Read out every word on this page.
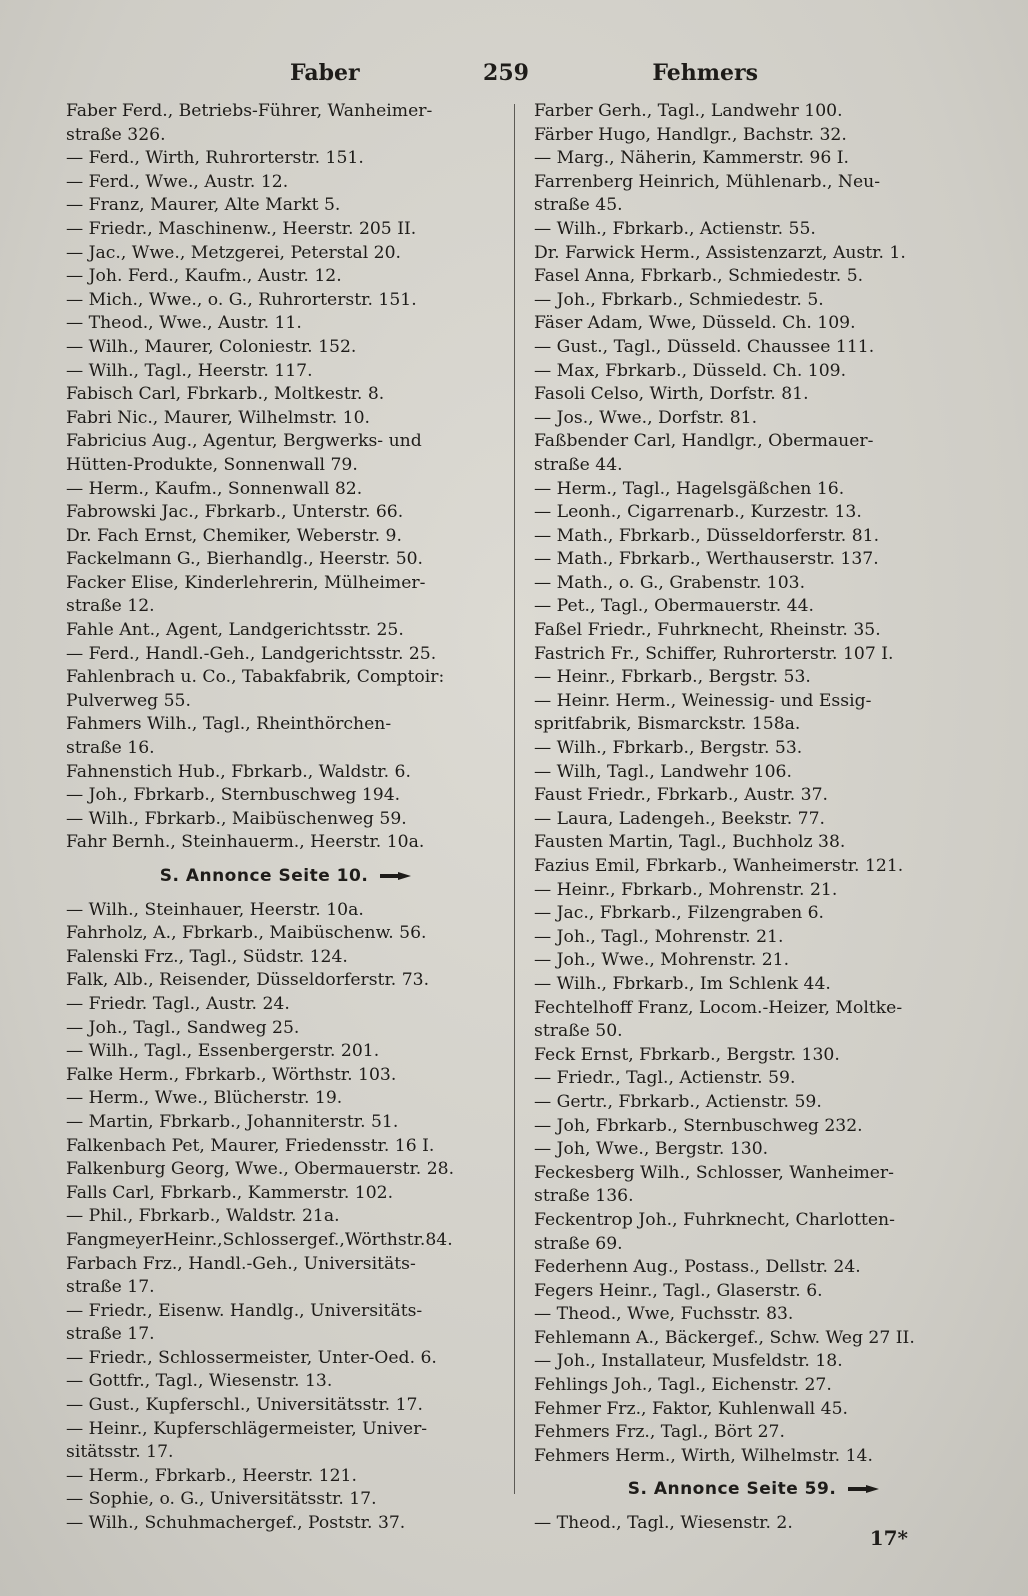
Faber	259	Fehmers
Faber Ferd., Betriebs-Führer, Wanheimer-
straße 326.
— Ferd., Wirth, Ruhrorterstr. 151.
— Ferd., Wwe., Austr. 12.
— Franz, Maurer, Alte Markt 5.
— Friedr., Maschinenw., Heerstr. 205 II.
— Jac., Wwe., Metzgerei, Peterstal 20.
— Joh. Ferd., Kaufm., Austr. 12.
— Mich., Wwe., o. G., Ruhrorterstr. 151.
— Theod., Wwe., Austr. 11.
— Wilh., Maurer, Coloniestr. 152.
— Wilh., Tagl., Heerstr. 117.
Fabisch Carl, Fbrkarb., Moltkestr. 8.
Fabri Nic., Maurer, Wilhelmstr. 10.
Fabricius Aug., Agentur, Bergwerks- und
Hütten-Produkte, Sonnenwall 79.
— Herm., Kaufm., Sonnenwall 82.
Fabrowski Jac., Fbrkarb., Unterstr. 66.
Dr. Fach Ernst, Chemiker, Weberstr. 9.
Fackelmann G., Bierhandlg., Heerstr. 50.
Facker Elise, Kinderlehrerin, Mülheimer-
straße 12.
Fahle Ant., Agent, Landgerichtsstr. 25.
— Ferd., Handl.-Geh., Landgerichtsstr. 25.
Fahlenbrach u. Co., Tabakfabrik, Comptoir:
Pulverweg 55.
Fahmers Wilh., Tagl., Rheinthörchen-
straße 16.
Fahnenstich Hub., Fbrkarb., Waldstr. 6.
— Joh., Fbrkarb., Sternbuschweg 194.
— Wilh., Fbrkarb., Maibüschenweg 59.
Fahr Bernh., Steinhauerm., Heerstr. 10a.
S. Annonce Seite 10.
— Wilh., Steinhauer, Heerstr. 10a.
Fahrholz, A., Fbrkarb., Maibüschenw. 56.
Falenski Frz., Tagl., Südstr. 124.
Falk, Alb., Reisender, Düsseldorferstr. 73.
— Friedr. Tagl., Austr. 24.
— Joh., Tagl., Sandweg 25.
— Wilh., Tagl., Essenbergerstr. 201.
Falke Herm., Fbrkarb., Wörthstr. 103.
— Herm., Wwe., Blücherstr. 19.
— Martin, Fbrkarb., Johanniterstr. 51.
Falkenbach Pet, Maurer, Friedensstr. 16 I.
Falkenburg Georg, Wwe., Obermauerstr. 28.
Falls Carl, Fbrkarb., Kammerstr. 102.
— Phil., Fbrkarb., Waldstr. 21a.
FangmeyerHeinr.,Schlossergef.,Wörthstr.84.
Farbach Frz., Handl.-Geh., Universitäts-
straße 17.
— Friedr., Eisenw. Handlg., Universitäts-
straße 17.
— Friedr., Schlossermeister, Unter-Oed. 6.
— Gottfr., Tagl., Wiesenstr. 13.
— Gust., Kupferschl., Universitätsstr. 17.
— Heinr., Kupferschlägermeister, Univer-
sitätsstr. 17.
— Herm., Fbrkarb., Heerstr. 121.
— Sophie, o. G., Universitätsstr. 17.
— Wilh., Schuhmachergef., Poststr. 37.
Farber Gerh., Tagl., Landwehr 100.
Färber Hugo, Handlgr., Bachstr. 32.
— Marg., Näherin, Kammerstr. 96 I.
Farrenberg Heinrich, Mühlenarb., Neu-
straße 45.
— Wilh., Fbrkarb., Actienstr. 55.
Dr. Farwick Herm., Assistenzarzt, Austr. 1.
Fasel Anna, Fbrkarb., Schmiedestr. 5.
— Joh., Fbrkarb., Schmiedestr. 5.
Fäser Adam, Wwe, Düsseld. Ch. 109.
— Gust., Tagl., Düsseld. Chaussee 111.
— Max, Fbrkarb., Düsseld. Ch. 109.
Fasoli Celso, Wirth, Dorfstr. 81.
— Jos., Wwe., Dorfstr. 81.
Faßbender Carl, Handlgr., Obermauer-
straße 44.
— Herm., Tagl., Hagelsgäßchen 16.
— Leonh., Cigarrenarb., Kurzestr. 13.
— Math., Fbrkarb., Düsseldorferstr. 81.
— Math., Fbrkarb., Werthauserstr. 137.
— Math., o. G., Grabenstr. 103.
— Pet., Tagl., Obermauerstr. 44.
Faßel Friedr., Fuhrknecht, Rheinstr. 35.
Fastrich Fr., Schiffer, Ruhrorterstr. 107 I.
— Heinr., Fbrkarb., Bergstr. 53.
— Heinr. Herm., Weinessig- und Essig-
spritfabrik, Bismarckstr. 158a.
— Wilh., Fbrkarb., Bergstr. 53.
— Wilh, Tagl., Landwehr 106.
Faust Friedr., Fbrkarb., Austr. 37.
— Laura, Ladengeh., Beekstr. 77.
Fausten Martin, Tagl., Buchholz 38.
Fazius Emil, Fbrkarb., Wanheimerstr. 121.
— Heinr., Fbrkarb., Mohrenstr. 21.
— Jac., Fbrkarb., Filzengraben 6.
— Joh., Tagl., Mohrenstr. 21.
— Joh., Wwe., Mohrenstr. 21.
— Wilh., Fbrkarb., Im Schlenk 44.
Fechtelhoff Franz, Locom.-Heizer, Moltke-
straße 50.
Feck Ernst, Fbrkarb., Bergstr. 130.
— Friedr., Tagl., Actienstr. 59.
— Gertr., Fbrkarb., Actienstr. 59.
— Joh, Fbrkarb., Sternbuschweg 232.
— Joh, Wwe., Bergstr. 130.
Feckesberg Wilh., Schlosser, Wanheimer-
straße 136.
Feckentrop Joh., Fuhrknecht, Charlotten-
straße 69.
Federhenn Aug., Postass., Dellstr. 24.
Fegers Heinr., Tagl., Glaserstr. 6.
— Theod., Wwe, Fuchsstr. 83.
Fehlemann A., Bäckergef., Schw. Weg 27 II.
— Joh., Installateur, Musfeldstr. 18.
Fehlings Joh., Tagl., Eichenstr. 27.
Fehmer Frz., Faktor, Kuhlenwall 45.
Fehmers Frz., Tagl., Bört 27.
Fehmers Herm., Wirth, Wilhelmstr. 14.
S. Annonce Seite 59.
— Theod., Tagl., Wiesenstr. 2.
17*
